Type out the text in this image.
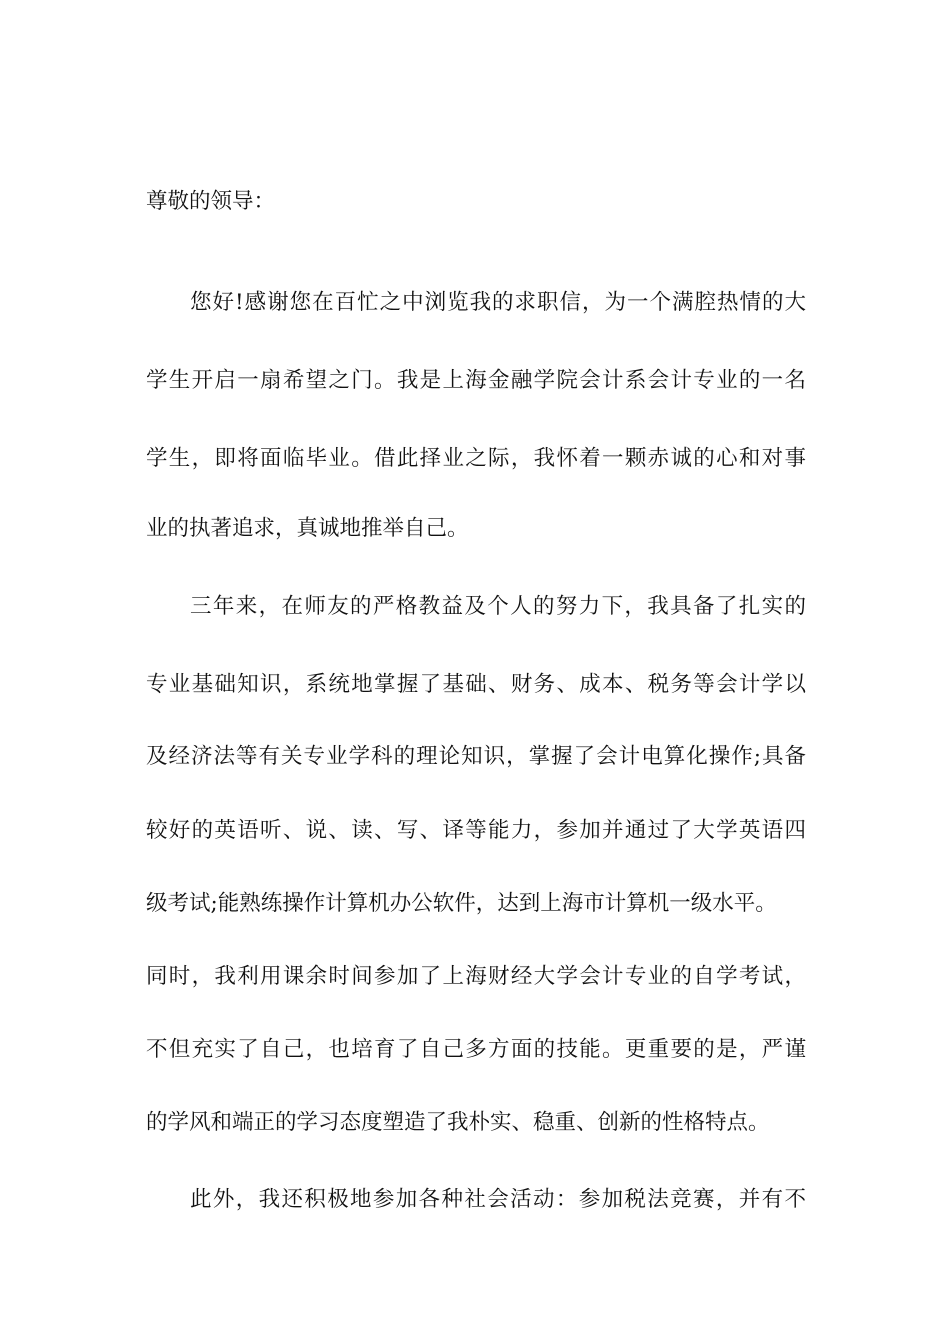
尊敬的领导：
您好!感谢您在百忙之中浏览我的求职信，为一个满腔热情的大
学生开启一扇希望之门。我是上海金融学院会计系会计专业的一名
学生，即将面临毕业。借此择业之际，我怀着一颗赤诚的心和对事
业的执著追求，真诚地推举自己。
三年来，在师友的严格教益及个人的努力下，我具备了扎实的
专业基础知识，系统地掌握了基础、财务、成本、税务等会计学以
及经济法等有关专业学科的理论知识，掌握了会计电算化操作;具备
较好的英语听、说、读、写、译等能力，参加并通过了大学英语四
级考试;能熟练操作计算机办公软件，达到上海市计算机一级水平。
同时，我利用课余时间参加了上海财经大学会计专业的自学考试，
不但充实了自己，也培育了自己多方面的技能。更重要的是，严谨
的学风和端正的学习态度塑造了我朴实、稳重、创新的性格特点。
此外，我还积极地参加各种社会活动：参加税法竞赛，并有不
